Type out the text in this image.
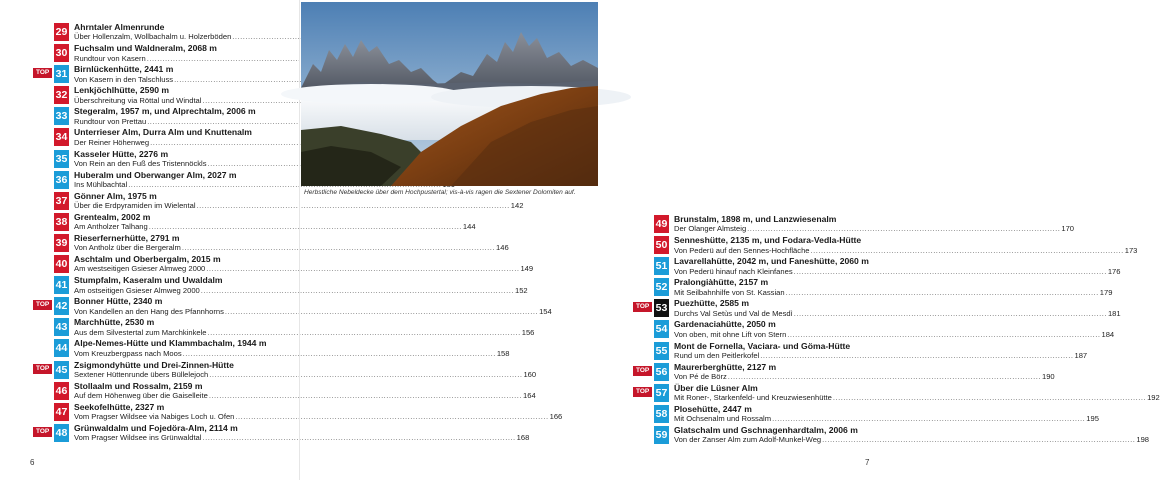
29 Ahrntaler Almenrunde
Über Hollenzalm, Wollbachalm u. Holzerböden
.....
30 Fuchsalm und Waldneralm, 2068 m
Rundtour von Kasern
.....
TOP 31 Birnlückenhütte, 2441 m
Von Kasern in den Talschluss
.....
32 Lenkjöchlhütte, 2590 m
Überschreitung via Röttal und Windtal
.....
33 Stegeralm, 1957 m, und Alprechtalm, 2006 m
Rundtour von Prettau
.....
34 Unterrieser Alm, Durra Alm und Knuttenalm
Der Reiner Höhenweg
.....
35 Kasseler Hütte, 2276 m
Von Rein an den Fuß des Tristennöckls
.....
36 Huberalm und Oberwanger Alm, 2027 m
Ins Mühlbachtal
.....
37 Gönner Alm, 1975 m
Über die Erdpyramiden im Wielental .....	142
38 Grentealm, 2002 m
Am Antholzer Talhang .....	144
39 Rieserfernerhütte, 2791 m
Von Antholz über die Bergeralm .....	146
40 Aschtalm und Oberbergalm, 2015 m
Am westseitigen Gsieser Almweg 2000 .....	149
41 Stumpfalm, Kaseralm und Uwaldalm
Am ostseitigen Gsieser Almweg 2000 .....	152
TOP 42 Bonner Hütte, 2340 m
Von Kandellen an den Hang des Pfannhorns .....	154
43 Marchhütte, 2530 m
Aus dem Silvestertal zum Marchkinkele .....	156
44 Alpe-Nemes-Hütte und Klammbachalm, 1944 m
Vom Kreuzbergpass nach Moos .....	158
TOP 45 Zsigmondyhütte und Drei-Zinnen-Hütte
Sextener Hüttenrunde übers Büllelejoch .....	160
46 Stollaalm und Rossalm, 2159 m
Auf dem Höhenweg über die Gaiselleite .....	164
47 Seekofelhütte, 2327 m
Vom Pragser Wildsee via Nabiges Loch u. Ofen .....	166
TOP 48 Grünwaldalm und Fojedöra-Alm, 2114 m
Vom Pragser Wildsee ins Grünwaldtal .....	168
6
49 Brunstalm, 1898 m, und Lanzwiesenalm
Der Olanger Almsteig .....	170
50 Senneshütte, 2135 m, und Fodara-Vedla-Hütte
Von Pederü auf den Sennes-Hochfläche .....	173
51 Lavarellahütte, 2042 m, und Faneshütte, 2060 m
Von Pederü hinauf nach Kleinfanes .....	176
52 Pralongiàhütte, 2157 m
Mit Seilbahnhilfe von St. Kassian .....	179
TOP 53 Puezhütte, 2585 m
Durchs Val Setùs und Val de Mesdì .....	181
54 Gardenaciahütte, 2050 m
Von oben, mit ohne Lift von Stern .....	184
55 Mont de Fornella, Vaciara- und Göma-Hütte
Rund um den Peitlerkofel .....	187
TOP 56 Maurerberghütte, 2127 m
Von Pé de Börz .....	190
TOP 57 Über die Lüsner Alm
Mit Roner-, Starkenfeld- und Kreuzwiesenhütte .....	192
58 Plosehütte, 2447 m
Mit Ochsenalm und Rossalm .....	195
59 Glatschalm und Gschnagenhardtalm, 2006 m
Von der Zanser Alm zum Adolf-Munkel-Weg .....	198
7
Herbstliche Nebeldecke über dem Hochpustertal; vis-à-vis ragen die Sextener Dolomiten auf.
